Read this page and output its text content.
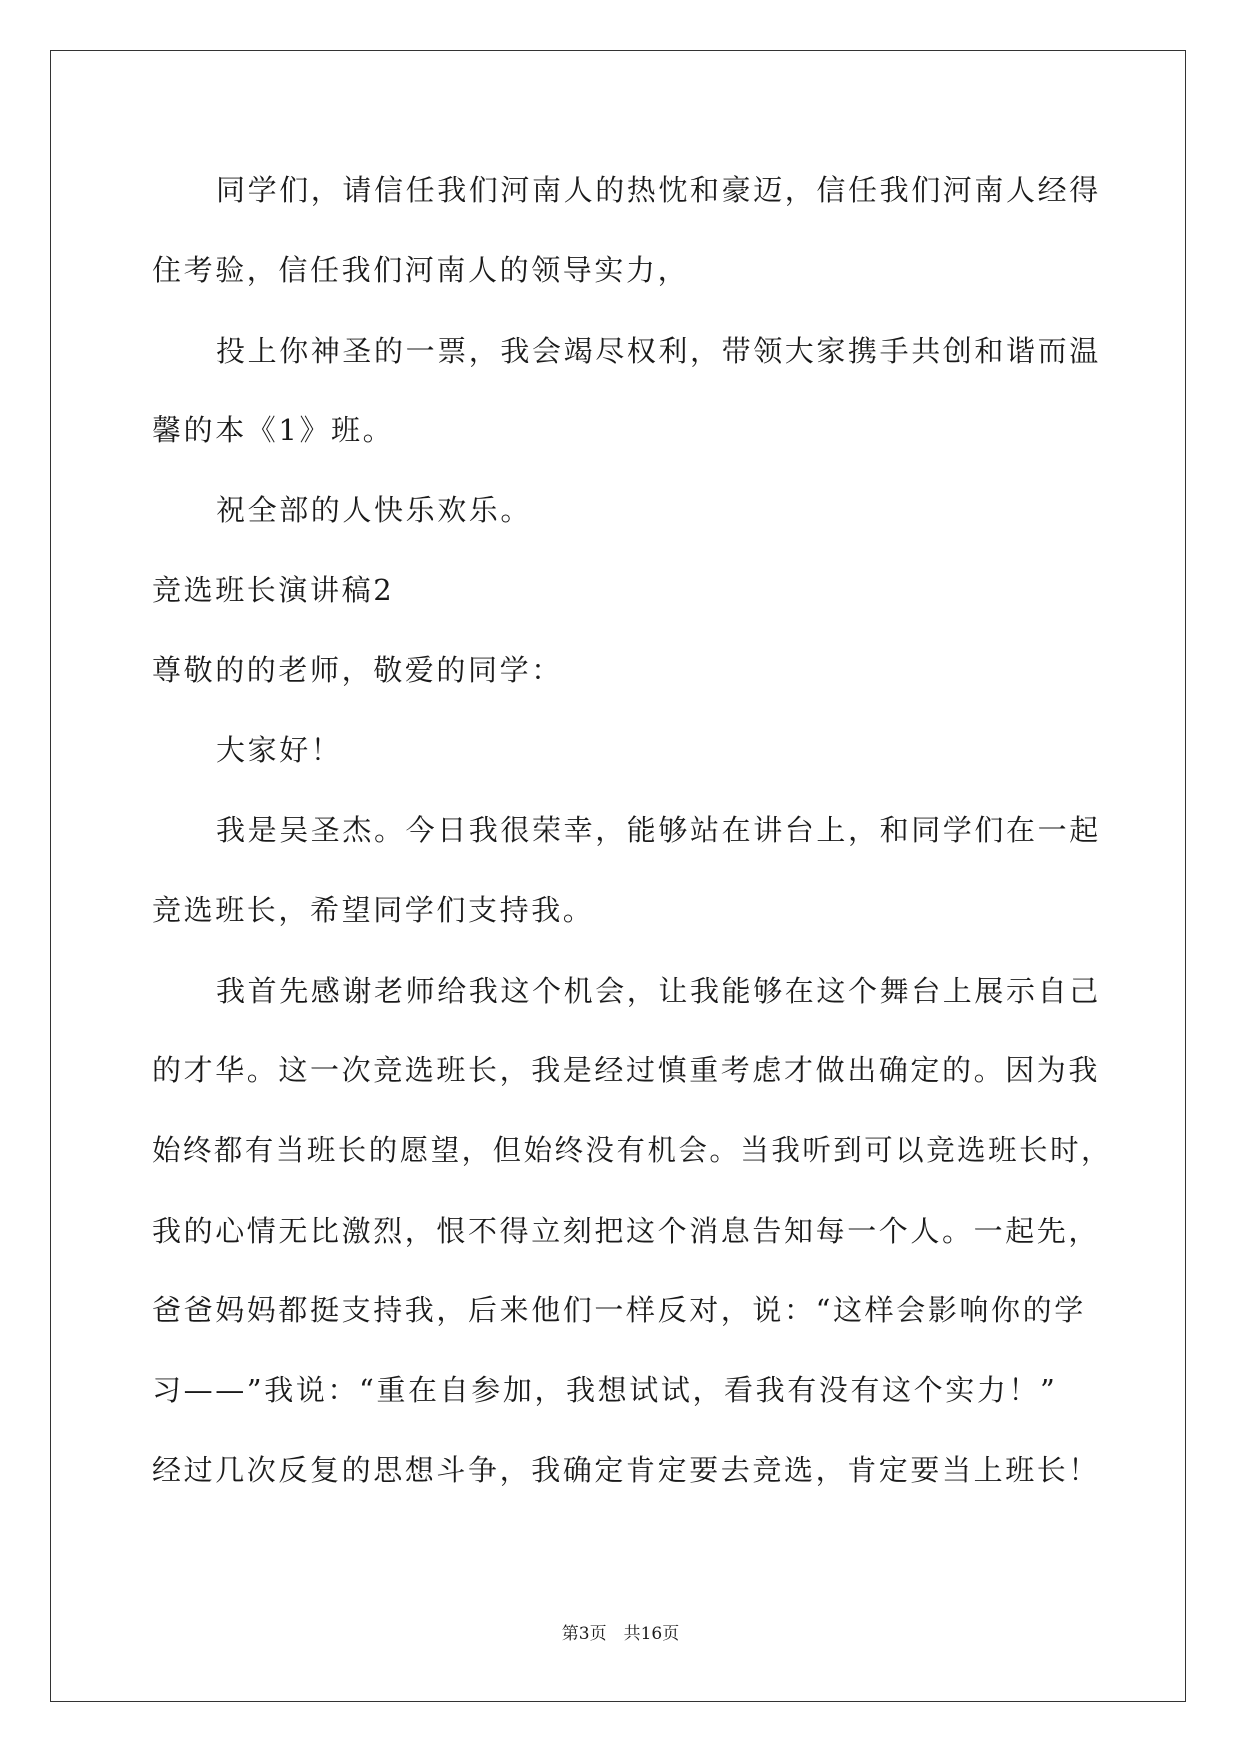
同学们，请信任我们河南人的热忱和豪迈，信任我们河南人经得
住考验，信任我们河南人的领导实力，
投上你神圣的一票，我会竭尽权利，带领大家携手共创和谐而温
馨的本《1》班。
祝全部的人快乐欢乐。
竞选班长演讲稿2
尊敬的的老师，敬爱的同学：
大家好！
我是吴圣杰。今日我很荣幸，能够站在讲台上，和同学们在一起
竞选班长，希望同学们支持我。
我首先感谢老师给我这个机会，让我能够在这个舞台上展示自己
的才华。这一次竞选班长，我是经过慎重考虑才做出确定的。因为我
始终都有当班长的愿望，但始终没有机会。当我听到可以竞选班长时，
我的心情无比激烈，恨不得立刻把这个消息告知每一个人。一起先，
爸爸妈妈都挺支持我，后来他们一样反对，说：“这样会影响你的学
习——”我说：“重在自参加，我想试试，看我有没有这个实力！”
经过几次反复的思想斗争，我确定肯定要去竞选，肯定要当上班长！
第3页　共16页
